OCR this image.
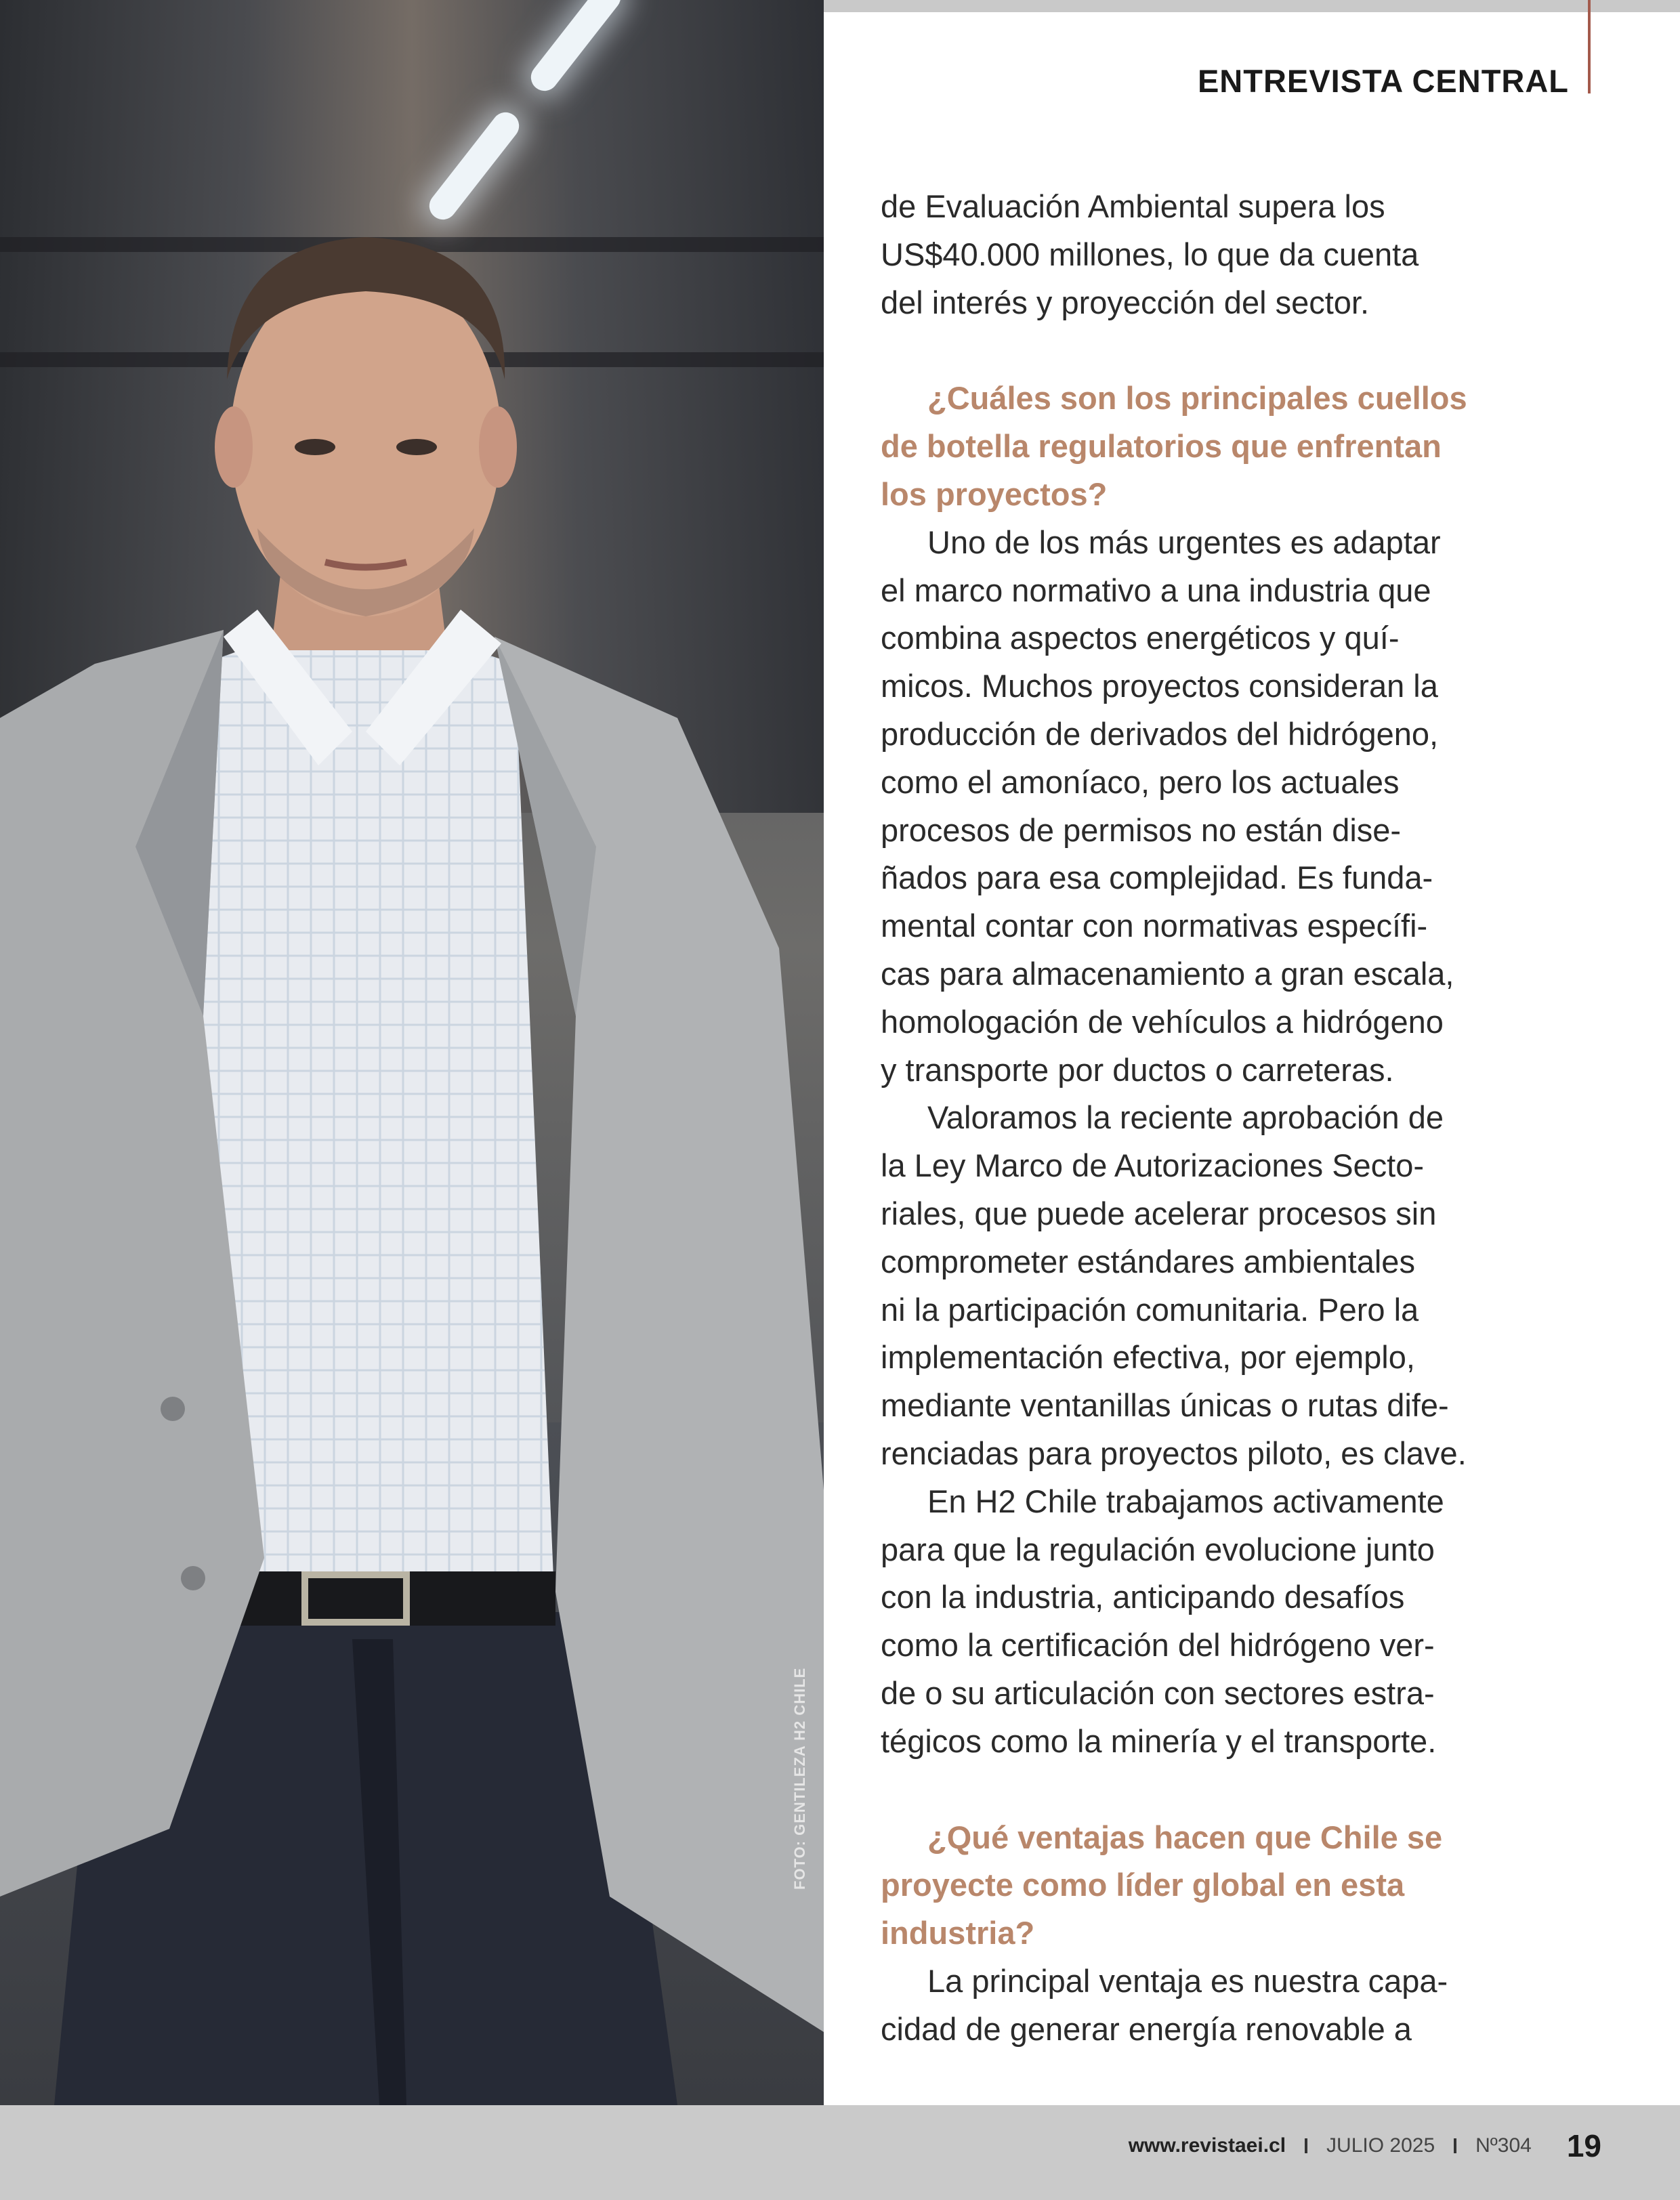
FOTO: GENTILEZA H2 CHILE
ENTREVISTA CENTRAL
de Evaluación Ambiental supera los
US$40.000 millones, lo que da cuenta
del interés y proyección del sector.
¿Cuáles son los principales cuellos
de botella regulatorios que enfrentan
los proyectos?
Uno de los más urgentes es adaptar
el marco normativo a una industria que
combina aspectos energéticos y quí-
micos. Muchos proyectos consideran la
producción de derivados del hidrógeno,
como el amoníaco, pero los actuales
procesos de permisos no están dise-
ñados para esa complejidad. Es funda-
mental contar con normativas específi-
cas para almacenamiento a gran escala,
homologación de vehículos a hidrógeno
y transporte por ductos o carreteras.
Valoramos la reciente aprobación de
la Ley Marco de Autorizaciones Secto-
riales, que puede acelerar procesos sin
comprometer estándares ambientales
ni la participación comunitaria. Pero la
implementación efectiva, por ejemplo,
mediante ventanillas únicas o rutas dife-
renciadas para proyectos piloto, es clave.
En H2 Chile trabajamos activamente
para que la regulación evolucione junto
con la industria, anticipando desafíos
como la certificación del hidrógeno ver-
de o su articulación con sectores estra-
tégicos como la minería y el transporte.
¿Qué ventajas hacen que Chile se
proyecte como líder global en esta
industria?
La principal ventaja es nuestra capa-
cidad de generar energía renovable a
www.revistaei.cl JULIO 2025 Nº304 19
